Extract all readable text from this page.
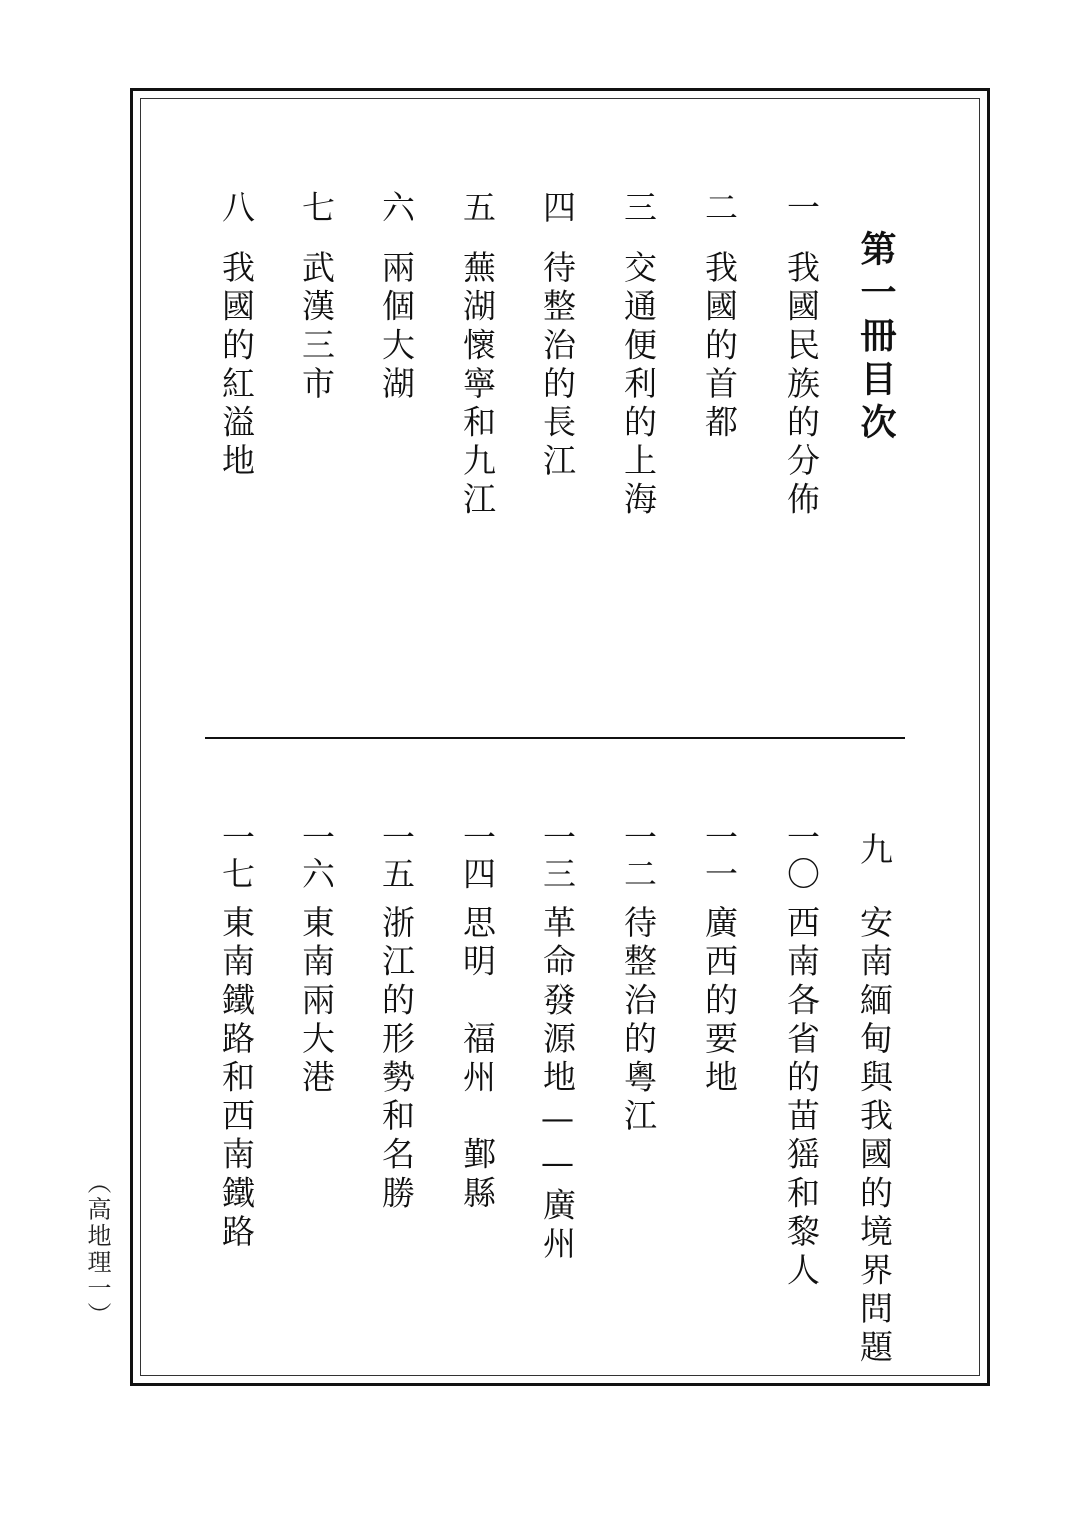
第一冊目次
一
我國民族的分佈
二
我國的首都
三
交通便利的上海
四
待整治的長江
五
蕪湖懷寧和九江
六
兩個大湖
七
武漢三市
八
我國的紅溢地
九
安南緬甸與我國的境界問題
一〇
西南各省的苗猺和黎人
一一
廣西的要地
一二
待整治的粵江
一三
革命發源地——廣州
一四
思明　福州　鄞縣
一五
浙江的形勢和名勝
一六
東南兩大港
一七
東南鐵路和西南鐵路
（高地理一）
